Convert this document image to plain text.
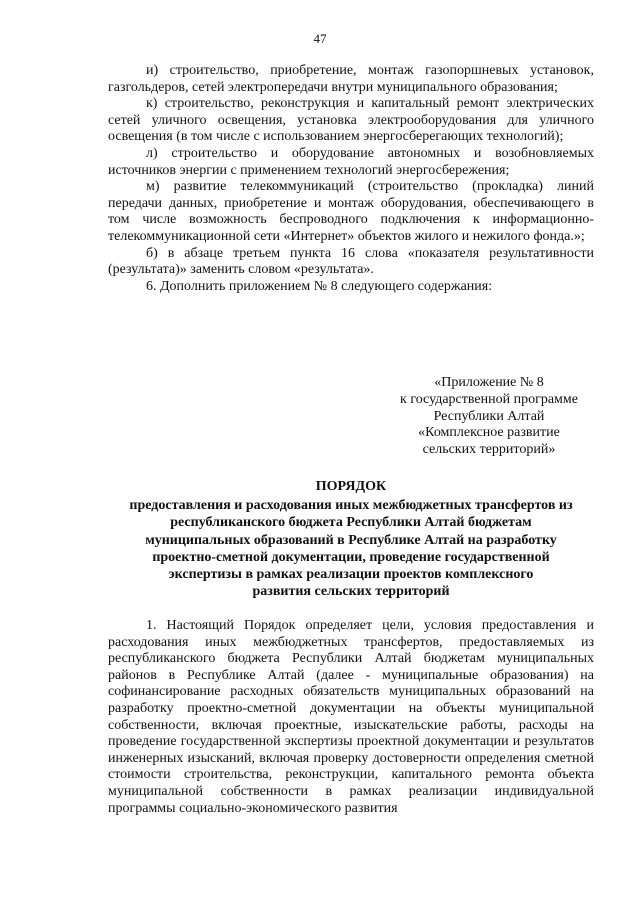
47

и) строительство, приобретение, монтаж газопоршневых установок, газгольдеров, сетей электропередачи внутри муниципального образования;

к) строительство, реконструкция и капитальный ремонт электрических сетей уличного освещения, установка электрооборудования для уличного освещения (в том числе с использованием энергосберегающих технологий);

л) строительство и оборудование автономных и возобновляемых источников энергии с применением технологий энергосбережения;

м) развитие телекоммуникаций (строительство (прокладка) линий передачи данных, приобретение и монтаж оборудования, обеспечивающего в том числе возможность беспроводного подключения к информационно-телекоммуникационной сети «Интернет» объектов жилого и нежилого фонда.»;

б) в абзаце третьем пункта 16 слова «показателя результативности (результата)» заменить словом «результата».

6. Дополнить приложением № 8 следующего содержания:

«Приложение № 8
к государственной программе
Республики Алтай
«Комплексное развитие
сельских территорий»
ПОРЯДОК
предоставления и расходования иных межбюджетных трансфертов из
республиканского бюджета Республики Алтай бюджетам
муниципальных образований в Республике Алтай на разработку
проектно-сметной документации, проведение государственной
экспертизы в рамках реализации проектов комплексного
развития сельских территорий

1. Настоящий Порядок определяет цели, условия предоставления и расходования иных межбюджетных трансфертов, предоставляемых из республиканского бюджета Республики Алтай бюджетам муниципальных районов в Республике Алтай (далее - муниципальные образования) на софинансирование расходных обязательств муниципальных образований на разработку проектно-сметной документации на объекты муниципальной собственности, включая проектные, изыскательские работы, расходы на проведение государственной экспертизы проектной документации и результатов инженерных изысканий, включая проверку достоверности определения сметной стоимости строительства, реконструкции, капитального ремонта объекта муниципальной собственности в рамках реализации индивидуальной программы социально-экономического развития
